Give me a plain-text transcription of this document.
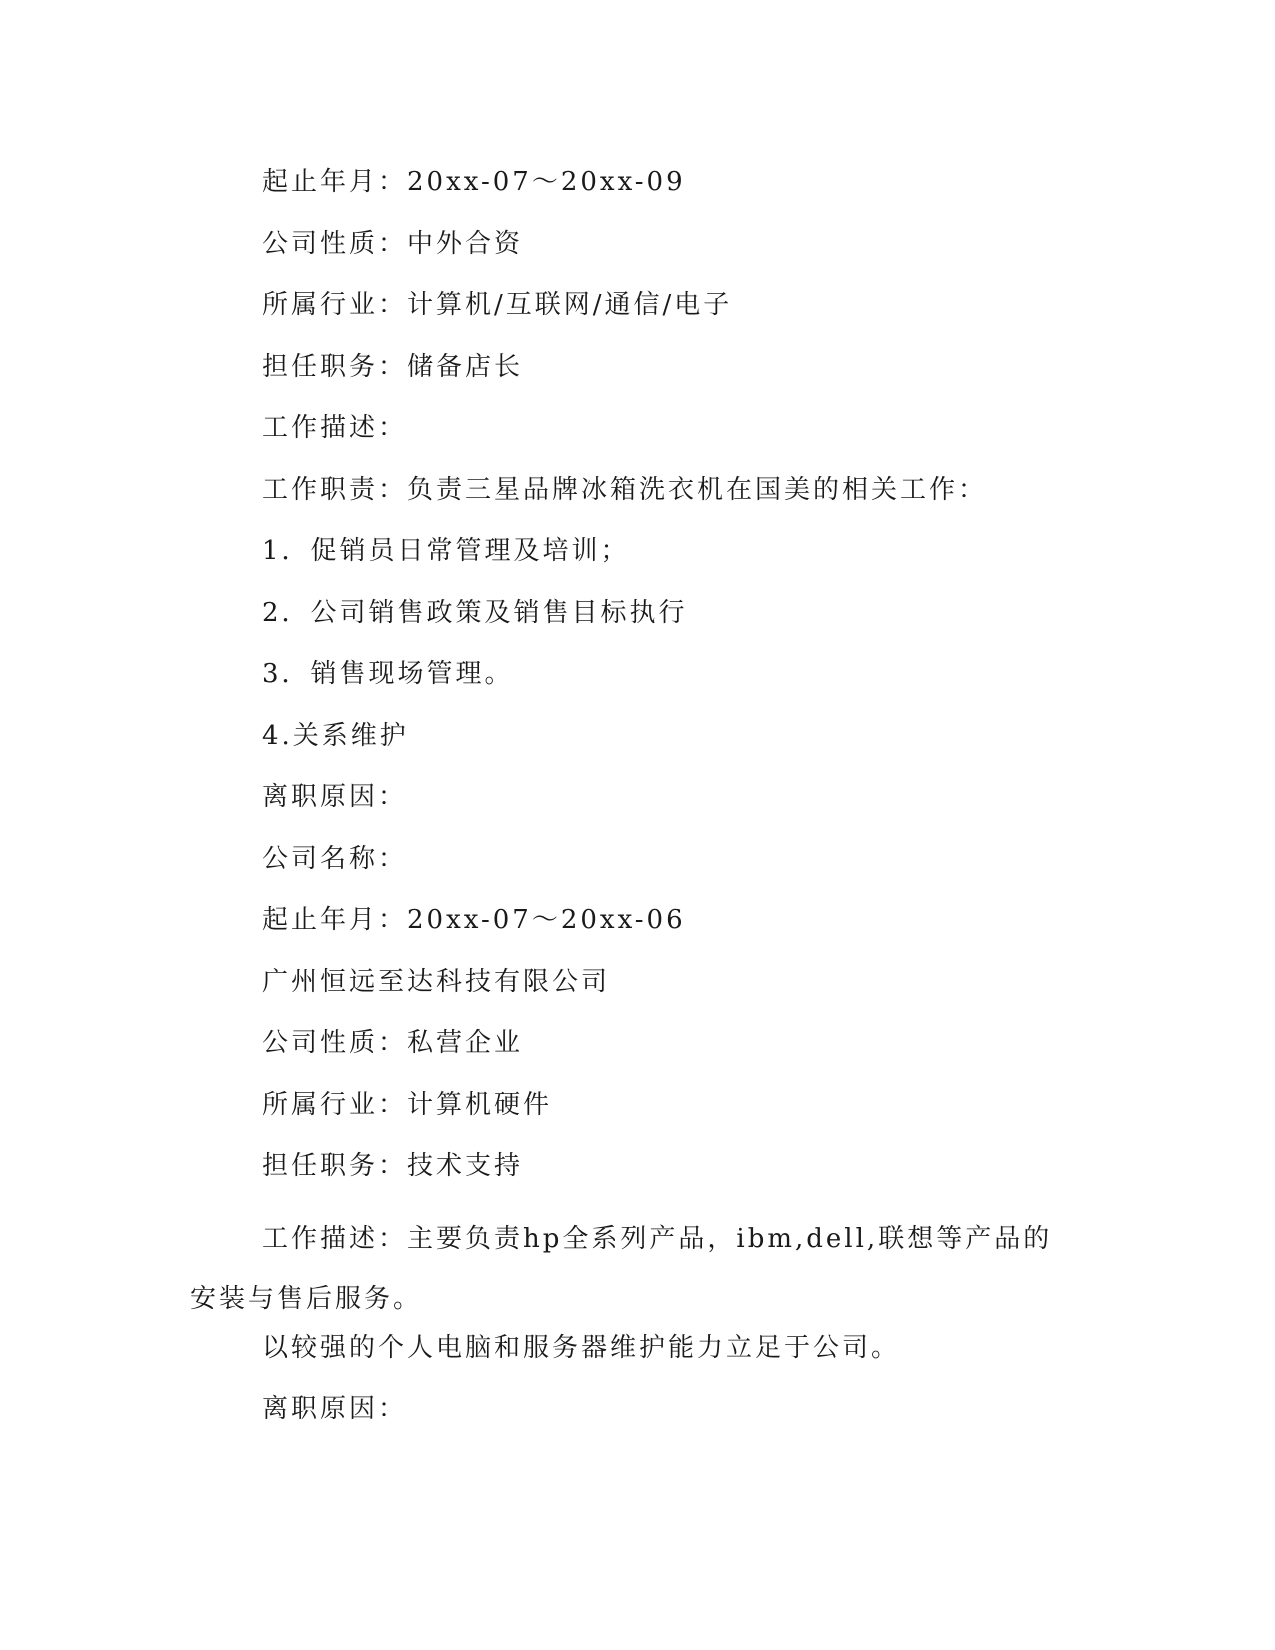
起止年月：20xx-07～20xx-09
公司性质：中外合资
所属行业：计算机/互联网/通信/电子
担任职务：储备店长
工作描述：
工作职责：负责三星品牌冰箱洗衣机在国美的相关工作：
1．促销员日常管理及培训；
2．公司销售政策及销售目标执行
3．销售现场管理。
4.关系维护
离职原因：
公司名称：
起止年月：20xx-07～20xx-06
广州恒远至达科技有限公司
公司性质：私营企业
所属行业：计算机硬件
担任职务：技术支持
工作描述：主要负责hp全系列产品，ibm,dell,联想等产品的安装与售后服务。
以较强的个人电脑和服务器维护能力立足于公司。
离职原因：
